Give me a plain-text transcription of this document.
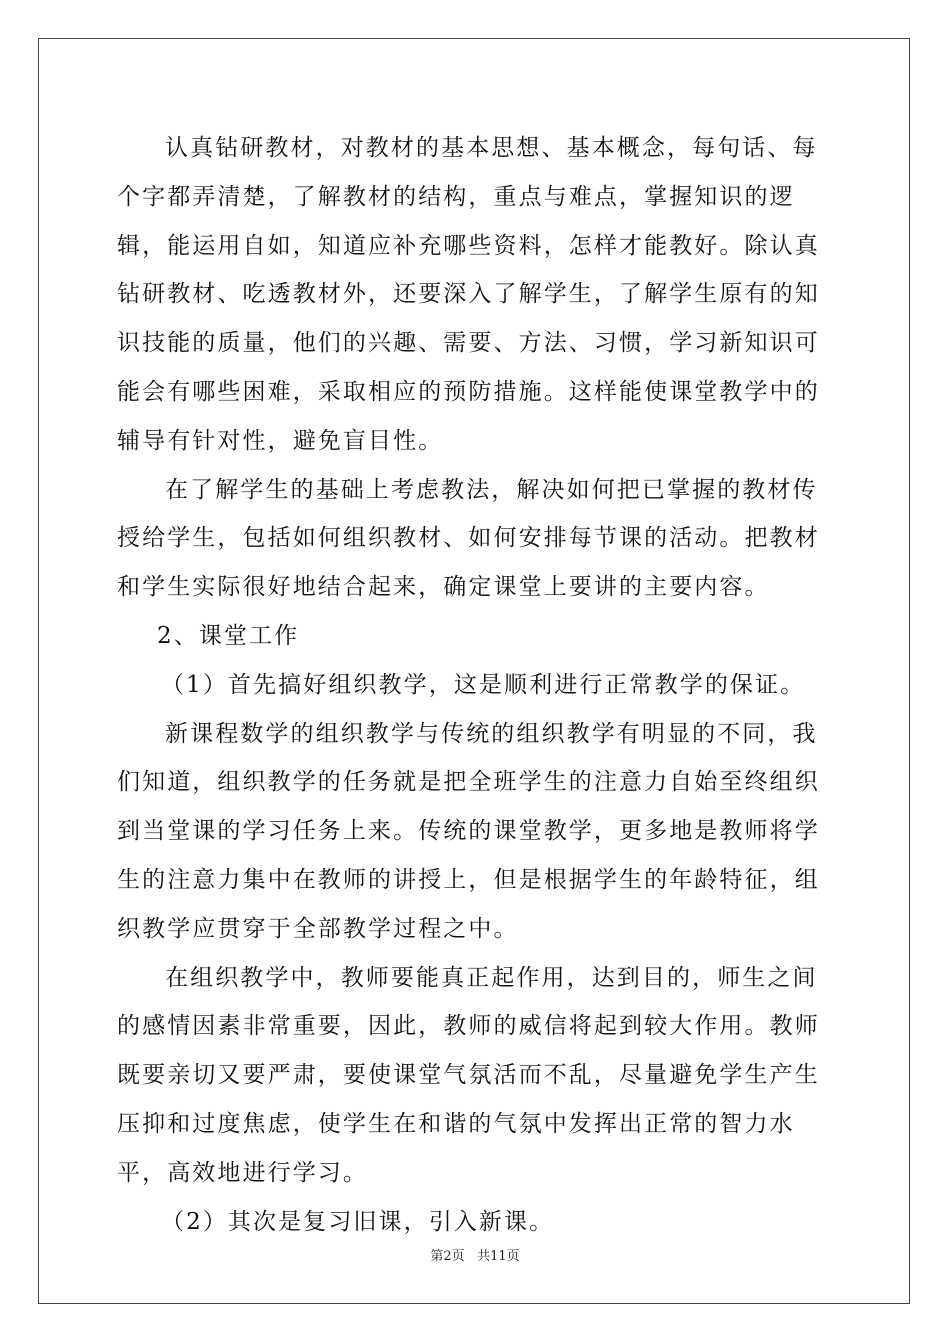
认真钻研教材，对教材的基本思想、基本概念，每句话、每个字都弄清楚，了解教材的结构，重点与难点，掌握知识的逻辑，能运用自如，知道应补充哪些资料，怎样才能教好。除认真钻研教材、吃透教材外，还要深入了解学生，了解学生原有的知识技能的质量，他们的兴趣、需要、方法、习惯，学习新知识可能会有哪些困难，采取相应的预防措施。这样能使课堂教学中的辅导有针对性，避免盲目性。

在了解学生的基础上考虑教法，解决如何把已掌握的教材传授给学生，包括如何组织教材、如何安排每节课的活动。把教材和学生实际很好地结合起来，确定课堂上要讲的主要内容。

2、课堂工作

（1）首先搞好组织教学，这是顺利进行正常教学的保证。

新课程数学的组织教学与传统的组织教学有明显的不同，我们知道，组织教学的任务就是把全班学生的注意力自始至终组织到当堂课的学习任务上来。传统的课堂教学，更多地是教师将学生的注意力集中在教师的讲授上，但是根据学生的年龄特征，组织教学应贯穿于全部教学过程之中。

在组织教学中，教师要能真正起作用，达到目的，师生之间的感情因素非常重要，因此，教师的威信将起到较大作用。教师既要亲切又要严肃，要使课堂气氛活而不乱，尽量避免学生产生压抑和过度焦虑，使学生在和谐的气氛中发挥出正常的智力水平，高效地进行学习。

（2）其次是复习旧课，引入新课。

第2页 共11页
